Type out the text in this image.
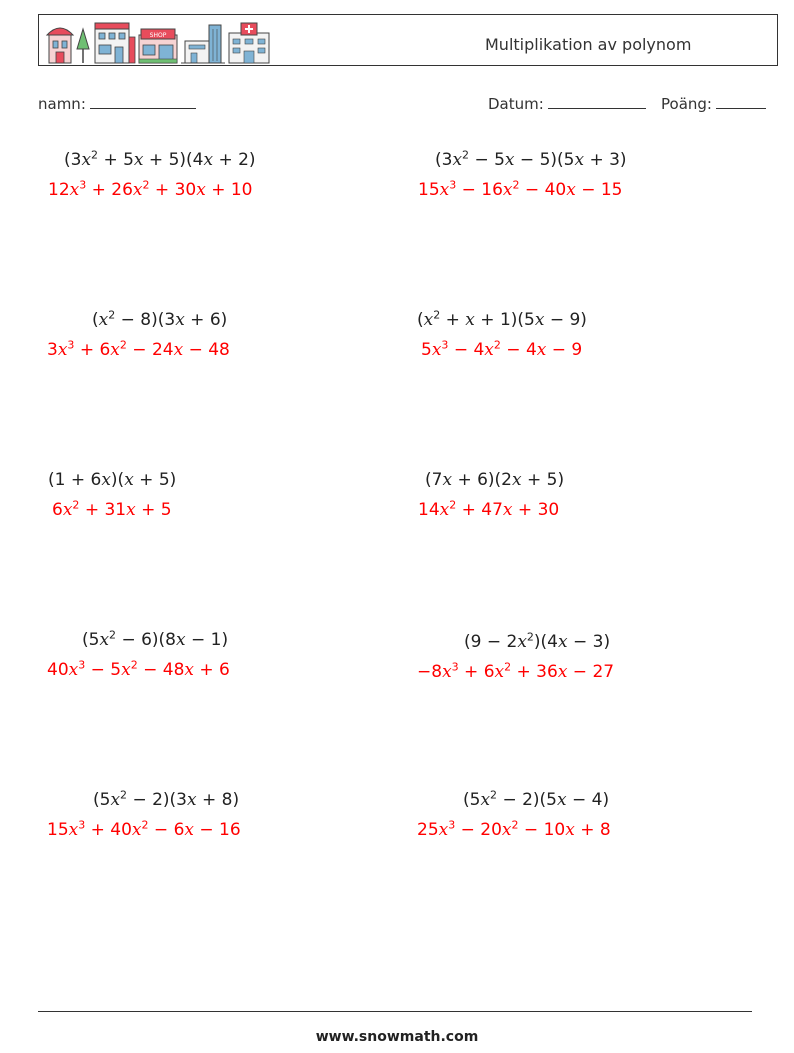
SHOP	Multiplikation av polynom
namn:	Datum:	Poäng:
$(3x^2 + 5x + 5)(4x + 2)$
$12x^3 + 26x^2 + 30x + 10$
$(3x^2 - 5x - 5)(5x + 3)$
$15x^3 - 16x^2 - 40x - 15$
$(x^2 - 8)(3x + 6)$
$3x^3 + 6x^2 - 24x - 48$
$(x^2 + x + 1)(5x - 9)$
$5x^3 - 4x^2 - 4x - 9$
(1 + 6x)(x + 5)
$6x^2 + 31x + 5$
(7x + 6)(2x + 5)
$14x^2 + 47x + 30$
$(5x^2 - 6)(8x - 1)$
$40x^3 - 5x^2 - 48x + 6$
$(9 - 2x^2)(4x - 3)$
$-8x^3 + 6x^2 + 36x - 27$
$(5x^2 - 2)(3x + 8)$
$15x^3 + 40x^2 - 6x - 16$
$(5x^2 - 2)(5x - 4)$
$25x^3 - 20x^2 - 10x + 8$
www.snowmath.com
